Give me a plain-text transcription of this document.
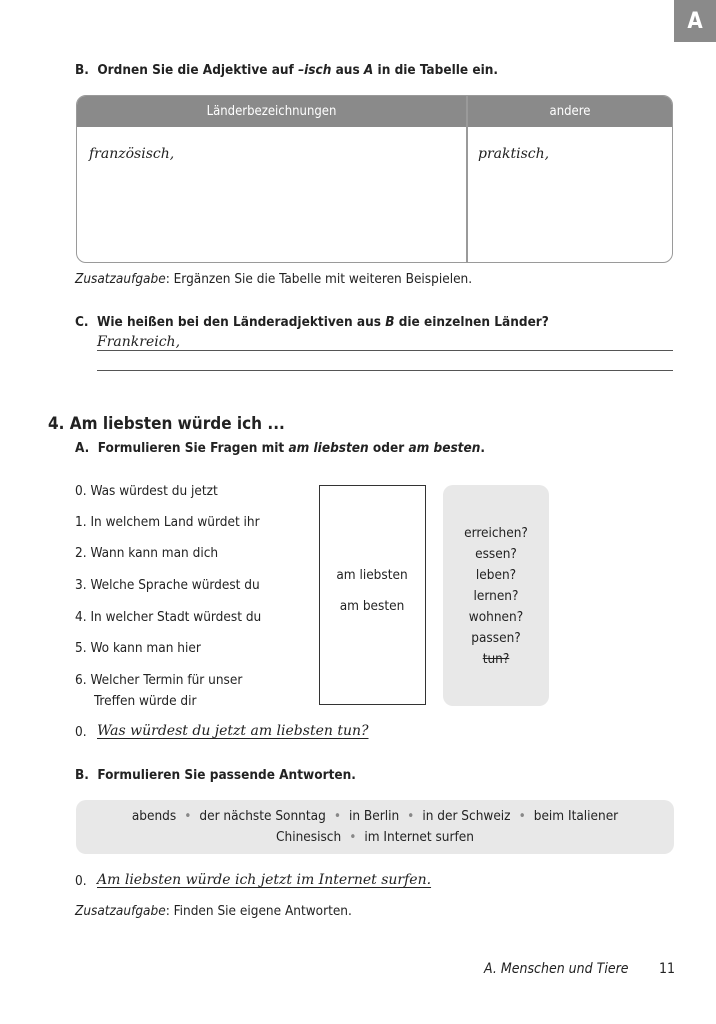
A
B. Ordnen Sie die Adjektive auf –isch aus A in die Tabelle ein.
Länderbezeichnungen	andere
französisch,	praktisch,
Zusatzaufgabe: Ergänzen Sie die Tabelle mit weiteren Beispielen.
C. Wie heißen bei den Länderadjektiven aus B die einzelnen Länder?
Frankreich,
4. Am liebsten würde ich ...
A. Formulieren Sie Fragen mit am liebsten oder am besten.
0. Was würdest du jetzt
1. In welchem Land würdet ihr
2. Wann kann man dich
3. Welche Sprache würdest du
4. In welcher Stadt würdest du
5. Wo kann man hier
6. Welcher Termin für unser
Treffen würde dir
am liebsten
am besten
erreichen?
essen?
leben?
lernen?
wohnen?
passen?
tun?
0. Was würdest du jetzt am liebsten tun?
B. Formulieren Sie passende Antworten.
abends • der nächste Sonntag • in Berlin • in der Schweiz • beim Italiener
Chinesisch • im Internet surfen
0. Am liebsten würde ich jetzt im Internet surfen.
Zusatzaufgabe: Finden Sie eigene Antworten.
A. Menschen und Tiere 11
